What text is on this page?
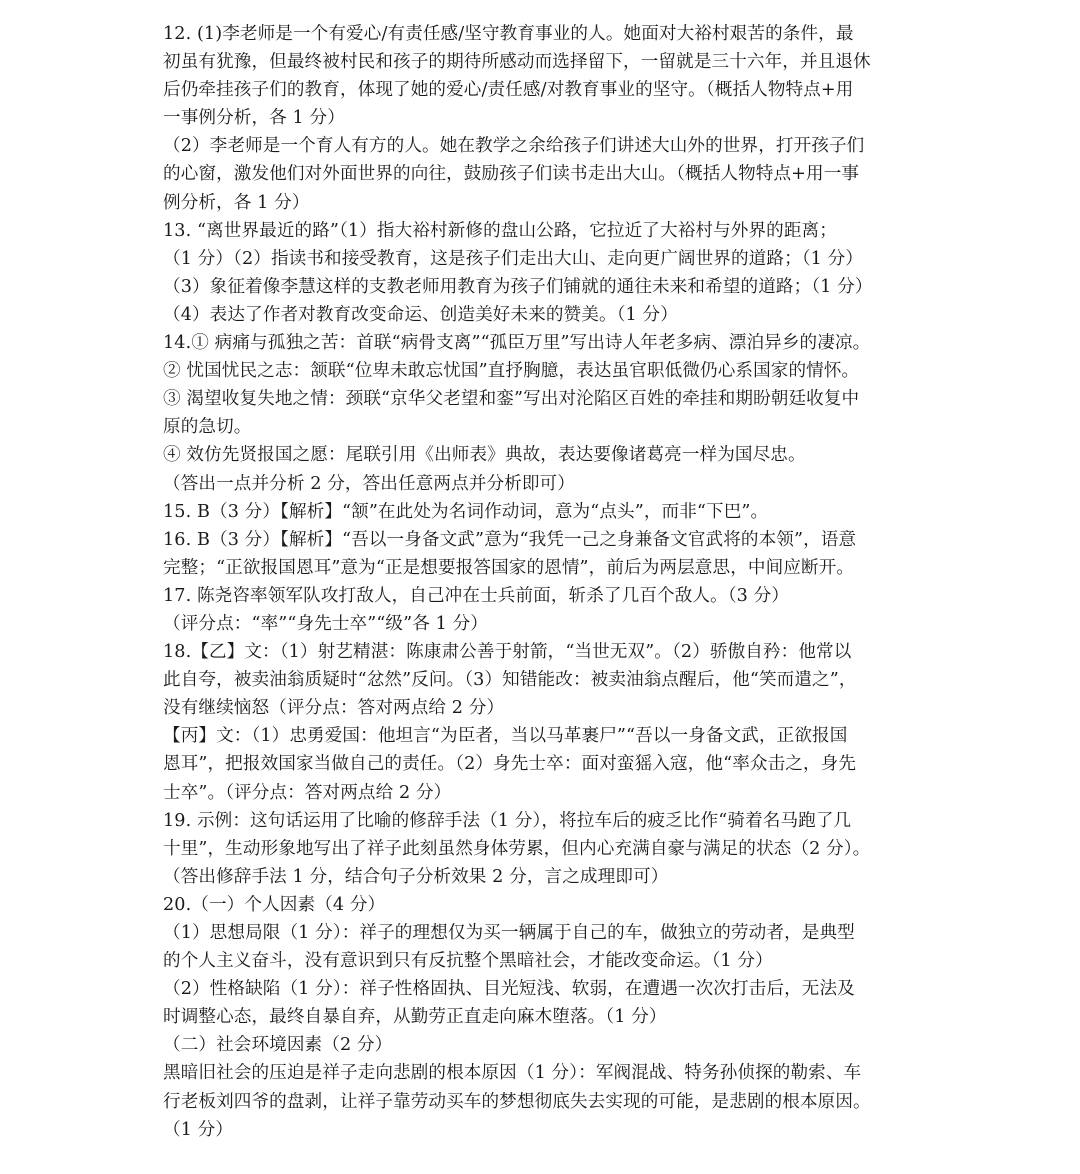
12. (1)李老师是一个有爱心/有责任感/坚守教育事业的人。她面对大裕村艰苦的条件，最
初虽有犹豫，但最终被村民和孩子的期待所感动而选择留下，一留就是三十六年，并且退休
后仍牵挂孩子们的教育，体现了她的爱心/责任感/对教育事业的坚守。（概括人物特点+用
一事例分析，各 1 分）
（2）李老师是一个育人有方的人。她在教学之余给孩子们讲述大山外的世界，打开孩子们
的心窗，激发他们对外面世界的向往，鼓励孩子们读书走出大山。（概括人物特点+用一事
例分析，各 1 分）
13. “离世界最近的路”（1）指大裕村新修的盘山公路，它拉近了大裕村与外界的距离；
（1 分）（2）指读书和接受教育，这是孩子们走出大山、走向更广阔世界的道路；（1 分）
（3）象征着像李慧这样的支教老师用教育为孩子们铺就的通往未来和希望的道路；（1 分）
（4）表达了作者对教育改变命运、创造美好未来的赞美。（1 分）
14.① 病痛与孤独之苦：首联“病骨支离”“孤臣万里”写出诗人年老多病、漂泊异乡的凄凉。
② 忧国忧民之志：颔联“位卑未敢忘忧国”直抒胸臆，表达虽官职低微仍心系国家的情怀。
③ 渴望收复失地之情：颈联“京华父老望和銮”写出对沦陷区百姓的牵挂和期盼朝廷收复中
原的急切。
④ 效仿先贤报国之愿：尾联引用《出师表》典故，表达要像诸葛亮一样为国尽忠。
（答出一点并分析 2 分，答出任意两点并分析即可）
15. B（3 分）【解析】“颔”在此处为名词作动词，意为“点头”，而非“下巴”。
16. B（3 分）【解析】“吾以一身备文武”意为“我凭一己之身兼备文官武将的本领”，语意
完整；“正欲报国恩耳”意为“正是想要报答国家的恩情”，前后为两层意思，中间应断开。
17. 陈尧咨率领军队攻打敌人，自己冲在士兵前面，斩杀了几百个敌人。（3 分）
（评分点：“率”“身先士卒”“级”各 1 分）
18.【乙】文：（1）射艺精湛：陈康肃公善于射箭，“当世无双”。（2）骄傲自矜：他常以
此自夸，被卖油翁质疑时“忿然”反问。（3）知错能改：被卖油翁点醒后，他“笑而遣之”，
没有继续恼怒（评分点：答对两点给 2 分）
【丙】文：（1）忠勇爱国：他坦言“为臣者，当以马革裹尸”“吾以一身备文武，正欲报国
恩耳”，把报效国家当做自己的责任。（2）身先士卒：面对蛮猺入寇，他“率众击之，身先
士卒”。（评分点：答对两点给 2 分）
19. 示例：这句话运用了比喻的修辞手法（1 分），将拉车后的疲乏比作“骑着名马跑了几
十里”，生动形象地写出了祥子此刻虽然身体劳累，但内心充满自豪与满足的状态（2 分）。
（答出修辞手法 1 分，结合句子分析效果 2 分，言之成理即可）
20.（一）个人因素（4 分）
（1）思想局限（1 分）：祥子的理想仅为买一辆属于自己的车，做独立的劳动者，是典型
的个人主义奋斗，没有意识到只有反抗整个黑暗社会，才能改变命运。（1 分）
（2）性格缺陷（1 分）：祥子性格固执、目光短浅、软弱，在遭遇一次次打击后，无法及
时调整心态，最终自暴自弃，从勤劳正直走向麻木堕落。（1 分）
（二）社会环境因素（2 分）
黑暗旧社会的压迫是祥子走向悲剧的根本原因（1 分）：军阀混战、特务孙侦探的勒索、车
行老板刘四爷的盘剥，让祥子靠劳动买车的梦想彻底失去实现的可能，是悲剧的根本原因。
（1 分）
